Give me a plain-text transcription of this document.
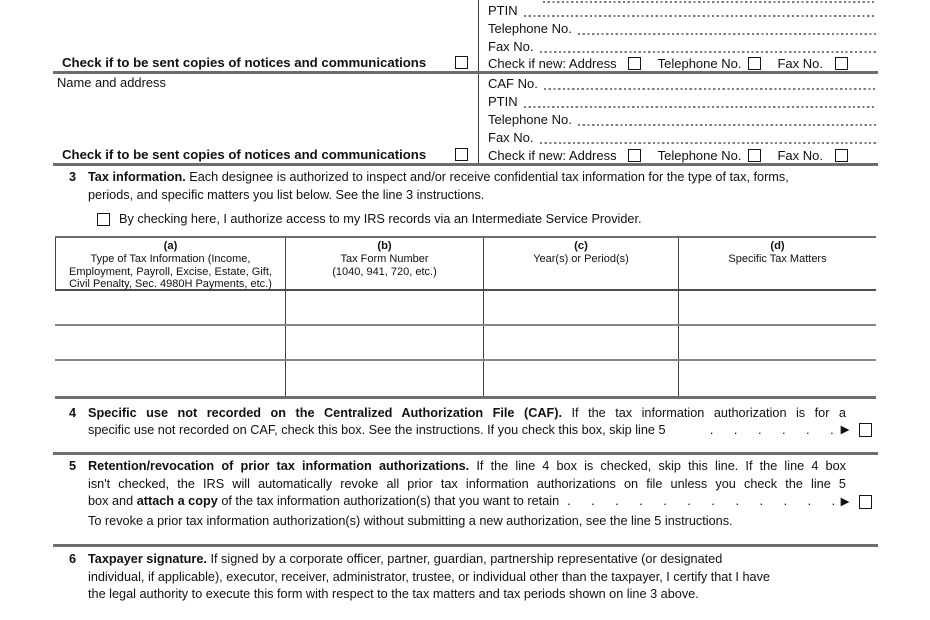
PTIN
Telephone No.
Fax No.
Check if new: Address	Telephone No.	Fax No.
Check if to be sent copies of notices and communications
Name and address	CAF No.
PTIN
Telephone No.
Fax No.
Check if new: Address	Telephone No.	Fax No.
Check if to be sent copies of notices and communications
3 Tax information. Each designee is authorized to inspect and/or receive confidential tax information for the type of tax, forms,
periods, and specific matters you list below. See the line 3 instructions.
By checking here, I authorize access to my IRS records via an Intermediate Service Provider.
(a)
Type of Tax Information (Income,
Employment, Payroll, Excise, Estate, Gift,
Civil Penalty, Sec. 4980H Payments, etc.)
(b)
Tax Form Number
(1040, 941, 720, etc.)
(c)
Year(s) or Period(s)
(d)
Specific Tax Matters
4 Specific use not recorded on the Centralized Authorization File (CAF). If the tax information authorization is for a
specific use not recorded on CAF, check this box. See the instructions. If you check this box, skip line 5	. . . . . . ▶
5 Retention/revocation of prior tax information authorizations. If the line 4 box is checked, skip this line. If the line 4 box
isn't checked, the IRS will automatically revoke all prior tax information authorizations on file unless you check the line 5
box and attach a copy of the tax information authorization(s) that you want to retain . . . . . . . . . . . . ▶
To revoke a prior tax information authorization(s) without submitting a new authorization, see the line 5 instructions.
6 Taxpayer signature. If signed by a corporate officer, partner, guardian, partnership representative (or designated
individual, if applicable), executor, receiver, administrator, trustee, or individual other than the taxpayer, I certify that I have
the legal authority to execute this form with respect to the tax matters and tax periods shown on line 3 above.
